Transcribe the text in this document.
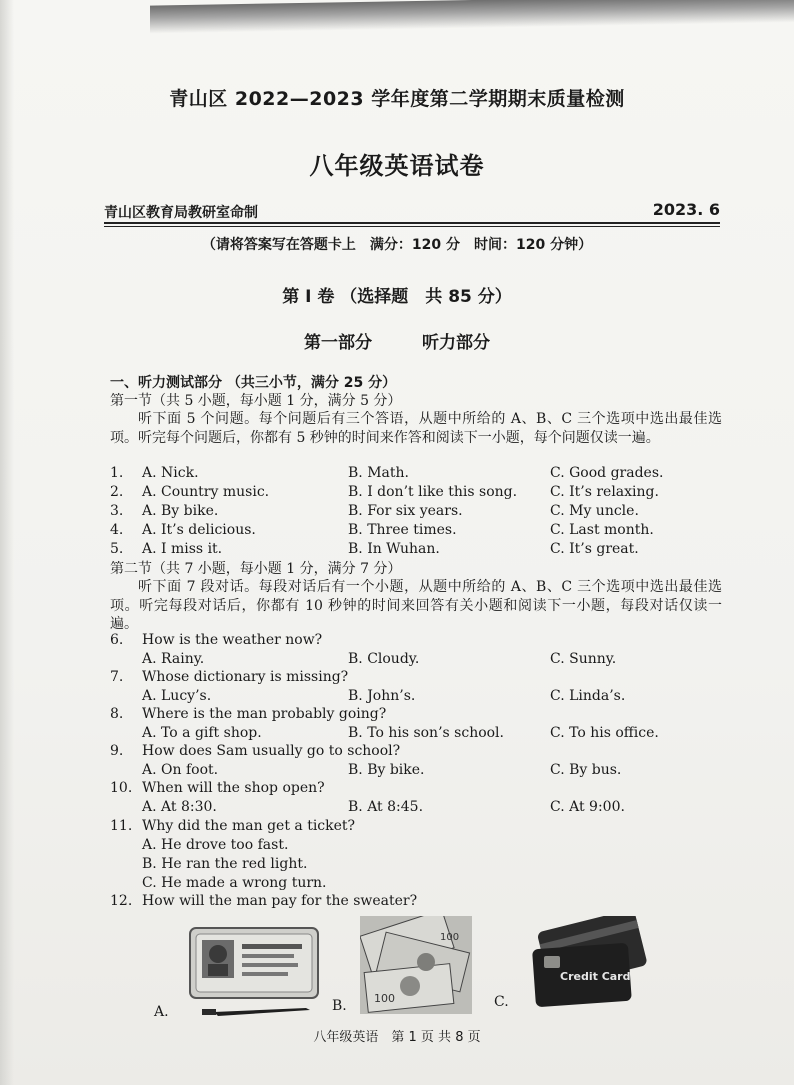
青山区 2022—2023 学年度第二学期期末质量检测
八年级英语试卷
青山区教育局教研室命制	2023. 6
（请将答案写在答题卡上　满分：120 分　时间：120 分钟）
第 I 卷 （选择题　共 85 分）
第一部分	听力部分
一、听力测试部分 （共三小节，满分 25 分）
第一节（共 5 小题，每小题 1 分，满分 5 分）
听下面 5 个问题。每个问题后有三个答语，从题中所给的 A、B、C 三个选项中选出最佳选项。听完每个问题后，你都有 5 秒钟的时间来作答和阅读下一小题，每个问题仅读一遍。
1. A. Nick.	B. Math.	C. Good grades.
2. A. Country music.	B. I don’t like this song. C. It’s relaxing.
3. A. By bike.	B. For six years.	C. My uncle.
4. A. It’s delicious.	B. Three times.	C. Last month.
5. A. I miss it.	B. In Wuhan.	C. It’s great.
第二节（共 7 小题，每小题 1 分，满分 7 分）
听下面 7 段对话。每段对话后有一个小题，从题中所给的 A、B、C 三个选项中选出最佳选项。听完每段对话后，你都有 10 秒钟的时间来回答有关小题和阅读下一小题，每段对话仅读一遍。
6. How is the weather now?
A. Rainy.	B. Cloudy.	C. Sunny.
7. Whose dictionary is missing?
A. Lucy’s.	B. John’s.	C. Linda’s.
8. Where is the man probably going?
A. To a gift shop.	B. To his son’s school.	C. To his office.
9. How does Sam usually go to school?
A. On foot.	B. By bike.	C. By bus.
10. When will the shop open?
A. At 8:30.	B. At 8:45.	C. At 9:00.
11. Why did the man get a ticket?
A. He drove too fast.
B. He ran the red light.
C. He made a wrong turn.
12. How will the man pay for the sweater?
A.
100
100
B.
Credit Card
C.
八年级英语　第 1 页 共 8 页
